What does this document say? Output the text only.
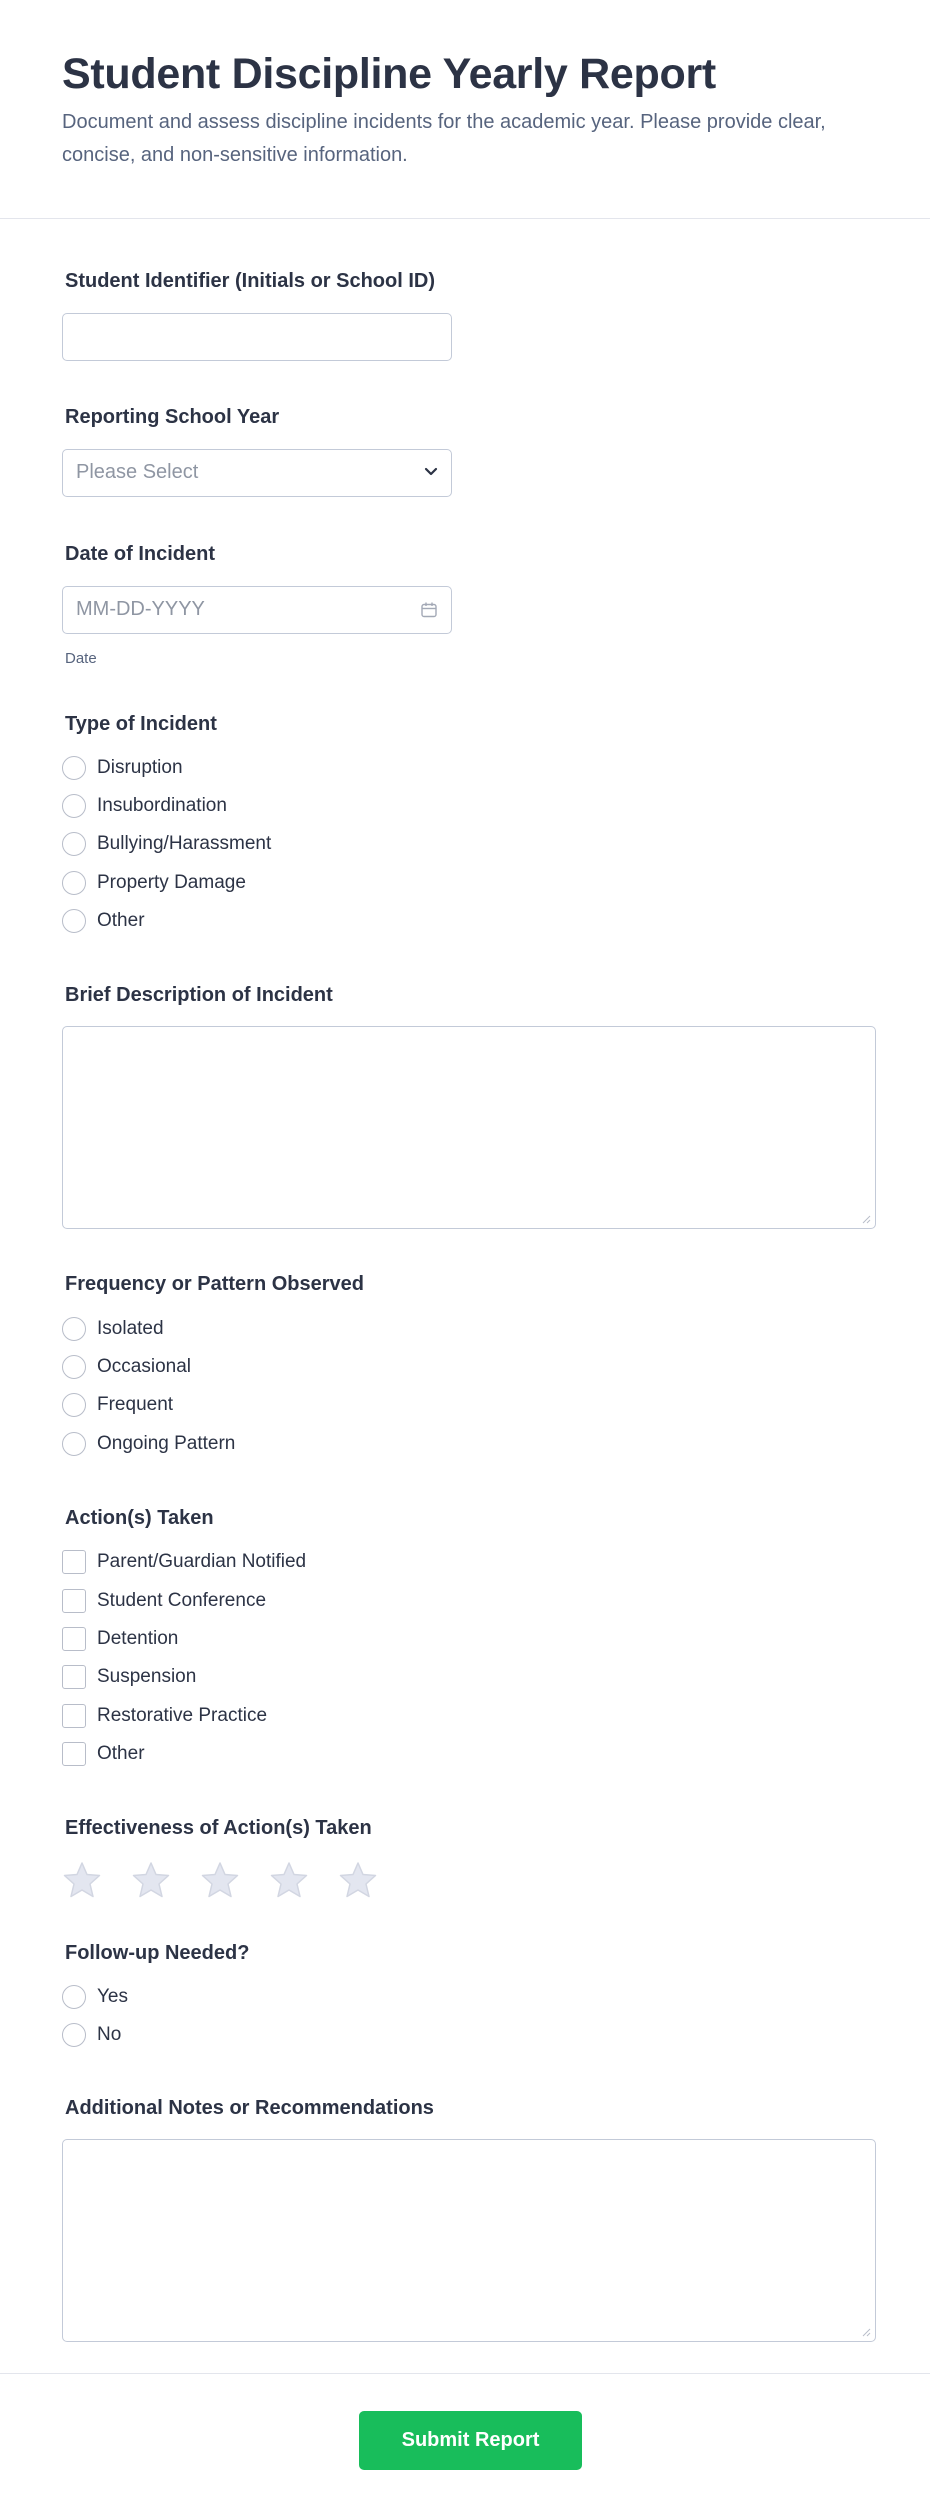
Student Discipline Yearly Report

Document and assess discipline incidents for the academic year. Please provide clear, concise, and non-sensitive information.

Student Identifier (Initials or School ID)

Reporting School Year

Please Select

Date of Incident

MM-DD-YYYY
Date

Type of Incident

Disruption
Insubordination
Bullying/Harassment
Property Damage
Other

Brief Description of Incident

Frequency or Pattern Observed

Isolated
Occasional
Frequent
Ongoing Pattern

Action(s) Taken

Parent/Guardian Notified
Student Conference
Detention
Suspension
Restorative Practice
Other

Effectiveness of Action(s) Taken

Follow-up Needed?

Yes
No

Additional Notes or Recommendations

Submit Report
